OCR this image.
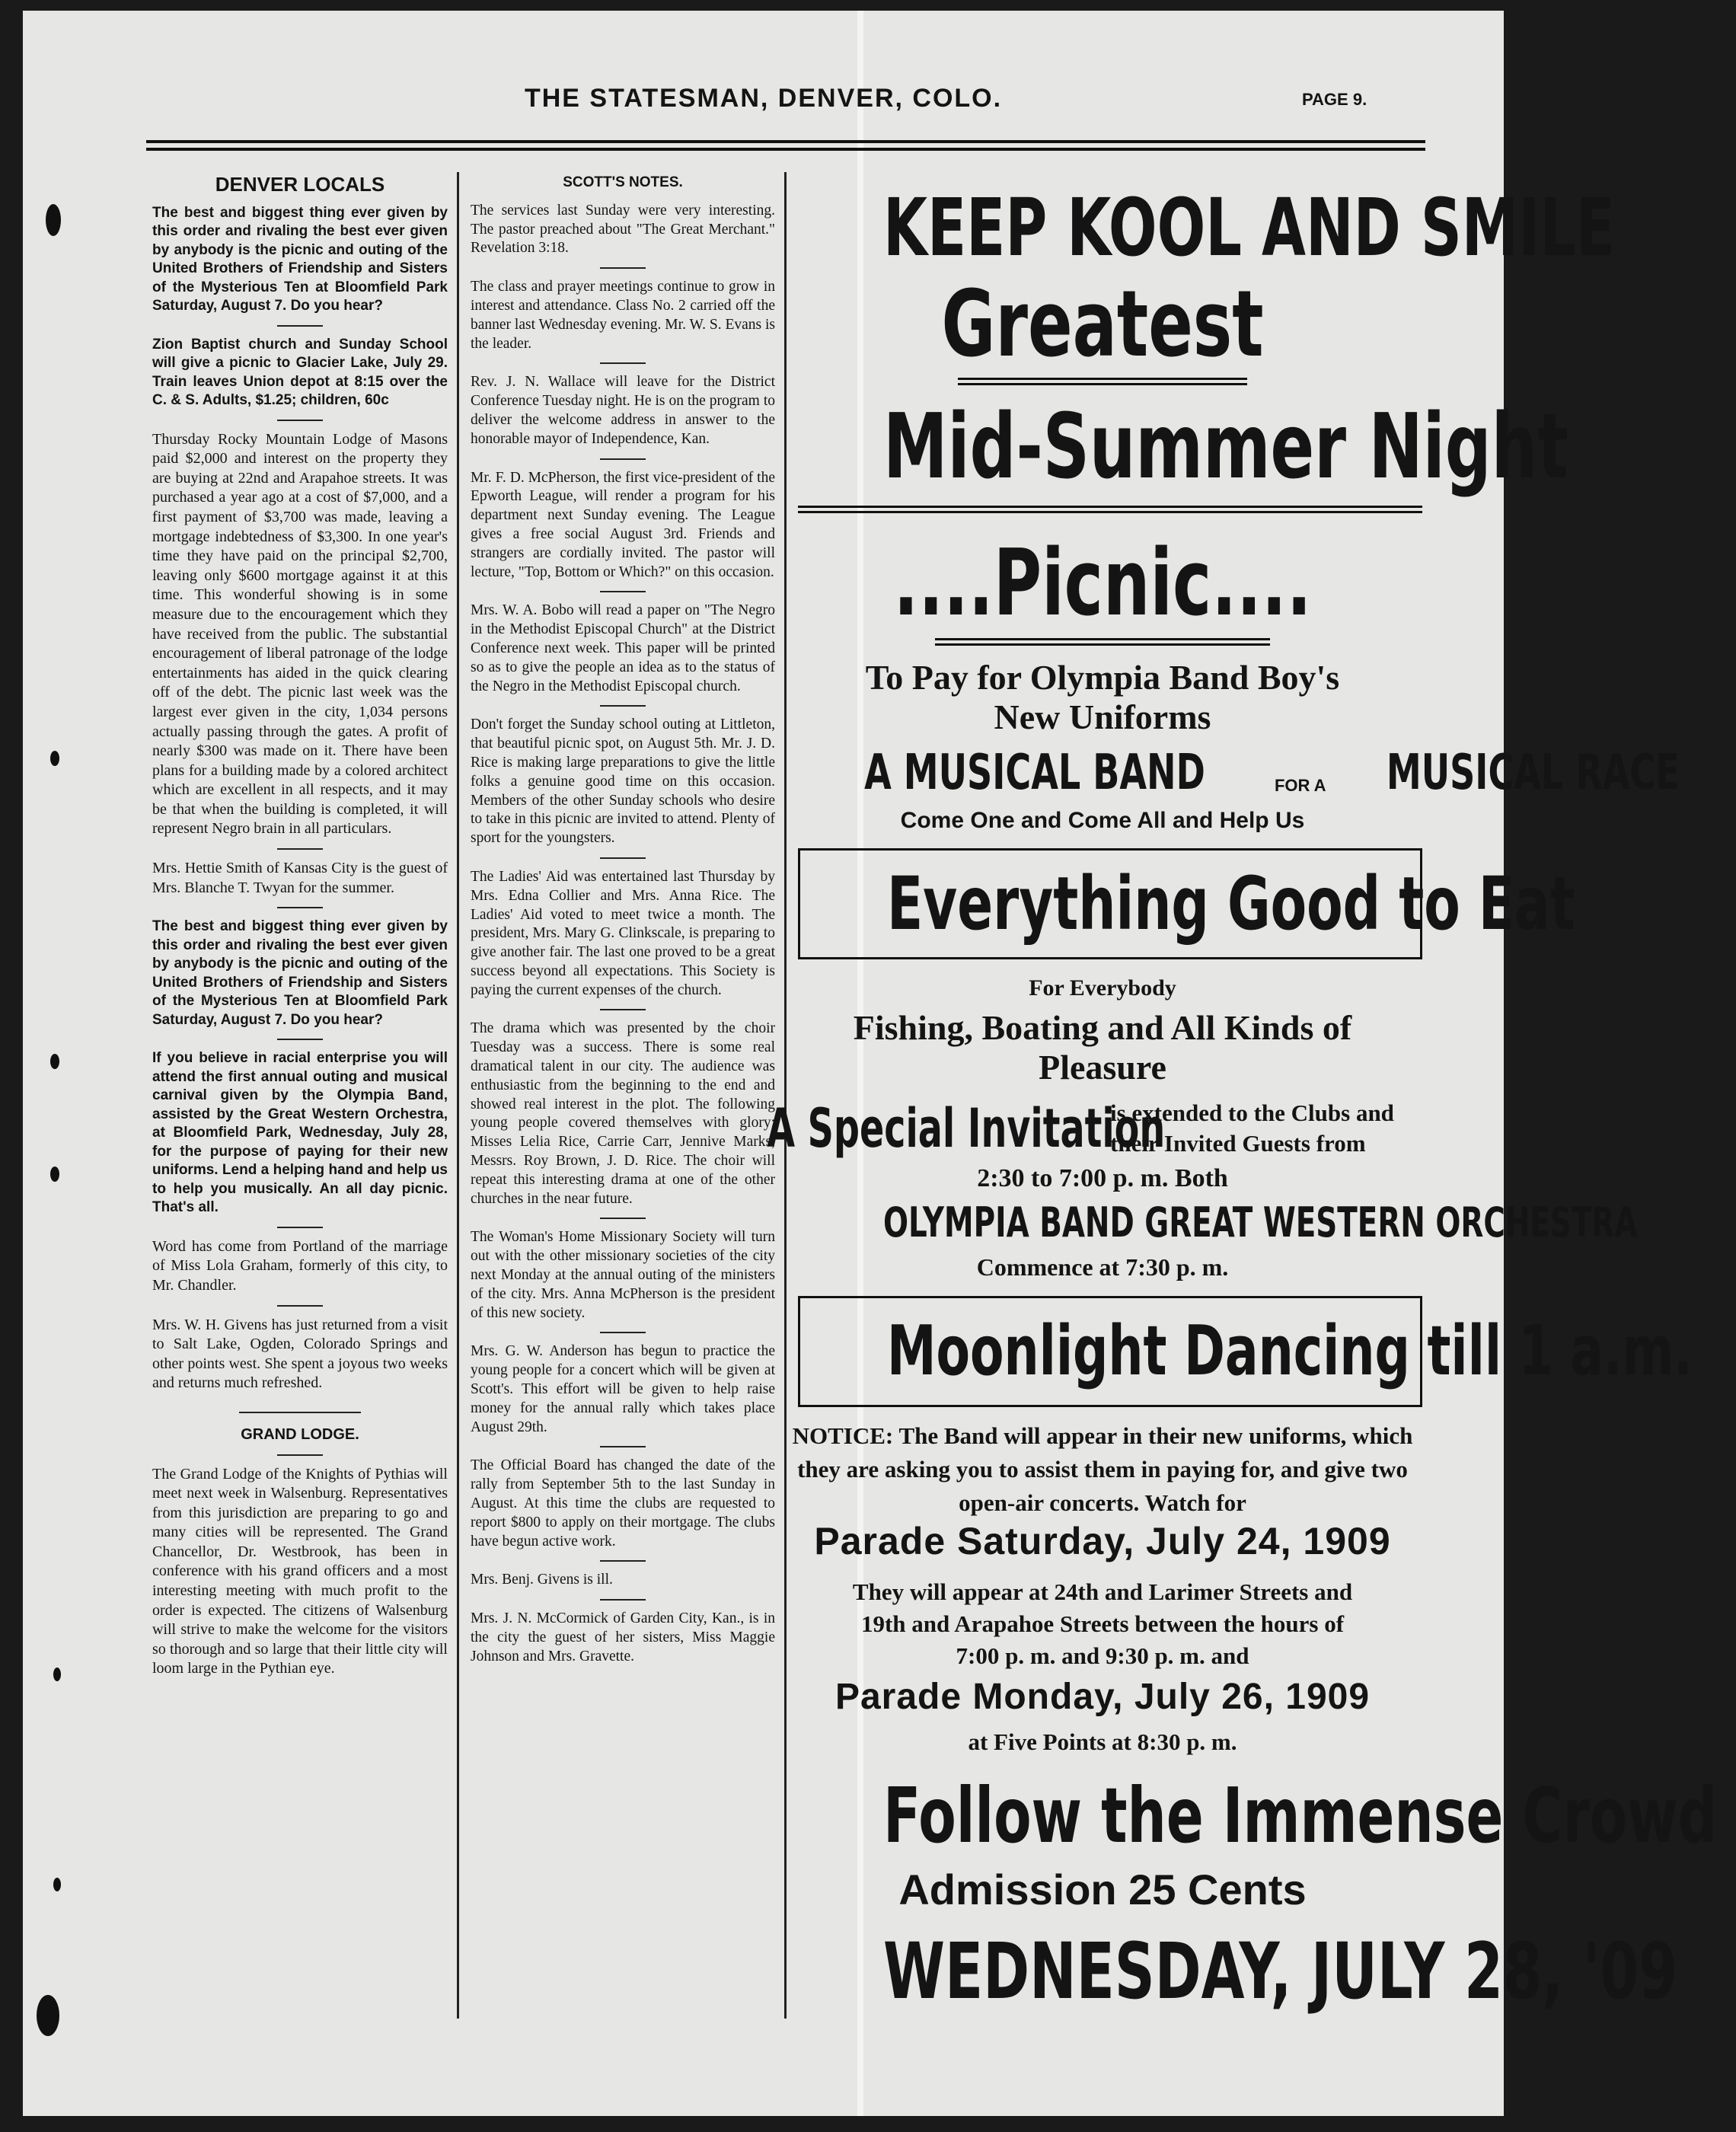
THE STATESMAN, DENVER, COLO.	PAGE 9.
DENVER LOCALS
The best and biggest thing ever given by this order and rivaling the best ever given by anybody is the picnic and outing of the United Brothers of Friendship and Sisters of the Mysterious Ten at Bloomfield Park Saturday, August 7. Do you hear?
Zion Baptist church and Sunday School will give a picnic to Glacier Lake, July 29. Train leaves Union depot at 8:15 over the C. & S. Adults, $1.25; children, 60c
Thursday Rocky Mountain Lodge of Masons paid $2,000 and interest on the property they are buying at 22nd and Arapahoe streets. It was purchased a year ago at a cost of $7,000, and a first payment of $3,700 was made, leaving a mortgage indebtedness of $3,300. In one year's time they have paid on the principal $2,700, leaving only $600 mortgage against it at this time. This wonderful showing is in some measure due to the encouragement which they have received from the public. The substantial encouragement of liberal patronage of the lodge entertainments has aided in the quick clearing off of the debt. The picnic last week was the largest ever given in the city, 1,034 persons actually passing through the gates. A profit of nearly $300 was made on it. There have been plans for a building made by a colored architect which are excellent in all respects, and it may be that when the building is completed, it will represent Negro brain in all particulars.
Mrs. Hettie Smith of Kansas City is the guest of Mrs. Blanche T. Twyan for the summer.
The best and biggest thing ever given by this order and rivaling the best ever given by anybody is the picnic and outing of the United Brothers of Friendship and Sisters of the Mysterious Ten at Bloomfield Park Saturday, August 7. Do you hear?
If you believe in racial enterprise you will attend the first annual outing and musical carnival given by the Olympia Band, assisted by the Great Western Orchestra, at Bloomfield Park, Wednesday, July 28, for the purpose of paying for their new uniforms. Lend a helping hand and help us to help you musically. An all day picnic. That's all.
Word has come from Portland of the marriage of Miss Lola Graham, formerly of this city, to Mr. Chandler.
Mrs. W. H. Givens has just returned from a visit to Salt Lake, Ogden, Colorado Springs and other points west. She spent a joyous two weeks and returns much refreshed.
GRAND LODGE.
The Grand Lodge of the Knights of Pythias will meet next week in Walsenburg. Representatives from this jurisdiction are preparing to go and many cities will be represented. The Grand Chancellor, Dr. Westbrook, has been in conference with his grand officers and a most interesting meeting with much profit to the order is expected. The citizens of Walsenburg will strive to make the welcome for the visitors so thorough and so large that their little city will loom large in the Pythian eye.
SCOTT'S NOTES.
The services last Sunday were very interesting. The pastor preached about "The Great Merchant." Revelation 3:18.
The class and prayer meetings continue to grow in interest and attendance. Class No. 2 carried off the banner last Wednesday evening. Mr. W. S. Evans is the leader.
Rev. J. N. Wallace will leave for the District Conference Tuesday night. He is on the program to deliver the welcome address in answer to the honorable mayor of Independence, Kan.
Mr. F. D. McPherson, the first vice-president of the Epworth League, will render a program for his department next Sunday evening. The League gives a free social August 3rd. Friends and strangers are cordially invited. The pastor will lecture, "Top, Bottom or Which?" on this occasion.
Mrs. W. A. Bobo will read a paper on "The Negro in the Methodist Episcopal Church" at the District Conference next week. This paper will be printed so as to give the people an idea as to the status of the Negro in the Methodist Episcopal church.
Don't forget the Sunday school outing at Littleton, that beautiful picnic spot, on August 5th. Mr. J. D. Rice is making large preparations to give the little folks a genuine good time on this occasion. Members of the other Sunday schools who desire to take in this picnic are invited to attend. Plenty of sport for the youngsters.
The Ladies' Aid was entertained last Thursday by Mrs. Edna Collier and Mrs. Anna Rice. The Ladies' Aid voted to meet twice a month. The president, Mrs. Mary G. Clinkscale, is preparing to give another fair. The last one proved to be a great success beyond all expectations. This Society is paying the current expenses of the church.
The drama which was presented by the choir Tuesday was a success. There is some real dramatical talent in our city. The audience was enthusiastic from the beginning to the end and showed real interest in the plot. The following young people covered themselves with glory: Misses Lelia Rice, Carrie Carr, Jennive Marks, Messrs. Roy Brown, J. D. Rice. The choir will repeat this interesting drama at one of the other churches in the near future.
The Woman's Home Missionary Society will turn out with the other missionary societies of the city next Monday at the annual outing of the ministers of the city. Mrs. Anna McPherson is the president of this new society.
Mrs. G. W. Anderson has begun to practice the young people for a concert which will be given at Scott's. This effort will be given to help raise money for the annual rally which takes place August 29th.
The Official Board has changed the date of the rally from September 5th to the last Sunday in August. At this time the clubs are requested to report $800 to apply on their mortgage. The clubs have begun active work.
Mrs. Benj. Givens is ill.
Mrs. J. N. McCormick of Garden City, Kan., is in the city the guest of her sisters, Miss Maggie Johnson and Mrs. Gravette.
KEEP KOOL AND SMILE
Greatest
Mid-Summer Night
....Picnic....
To Pay for Olympia Band Boy's
New Uniforms
A MUSICAL BAND	FOR A MUSICAL RACE
Come One and Come All and Help Us
Everything Good to Eat
For Everybody
Fishing, Boating and All Kinds of Pleasure
A Special Invitation
is extended to the Clubs and their Invited Guests from
2:30 to 7:00 p. m. Both
OLYMPIA BAND GREAT WESTERN ORCHESTRA
Commence at 7:30 p. m.
Moonlight Dancing till 1 a.m.
NOTICE: The Band will appear in their new uniforms, which they are asking you to assist them in paying for, and give two open-air concerts. Watch for
Parade Saturday, July 24, 1909
They will appear at 24th and Larimer Streets and 19th and Arapahoe Streets between the hours of 7:00 p. m. and 9:30 p. m. and
Parade Monday, July 26, 1909
at Five Points at 8:30 p. m.
Follow the Immense Crowd
Admission 25 Cents
WEDNESDAY, JULY 28, '09
